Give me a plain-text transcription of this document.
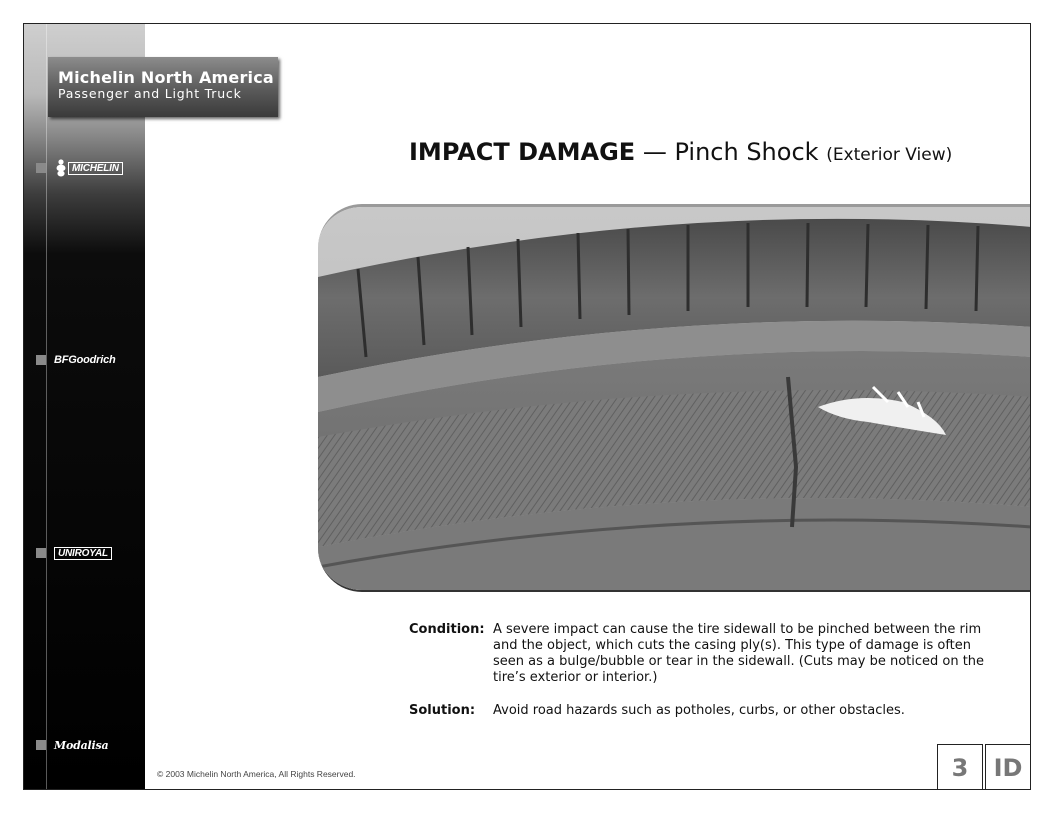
MICHELIN
BFGoodrich
UNIROYAL
Modalisa
Michelin North America
Passenger and Light Truck
IMPACT DAMAGE — Pinch Shock (Exterior View)
Condition: A severe impact can cause the tire sidewall to be pinched between the rim and the object, which cuts the casing ply(s). This type of damage is often seen as a bulge/bubble or tear in the sidewall. (Cuts may be noticed on the tire’s exterior or interior.)
Solution:	Avoid road hazards such as potholes, curbs, or other obstacles.
© 2003 Michelin North America, All Rights Reserved.	3	ID
